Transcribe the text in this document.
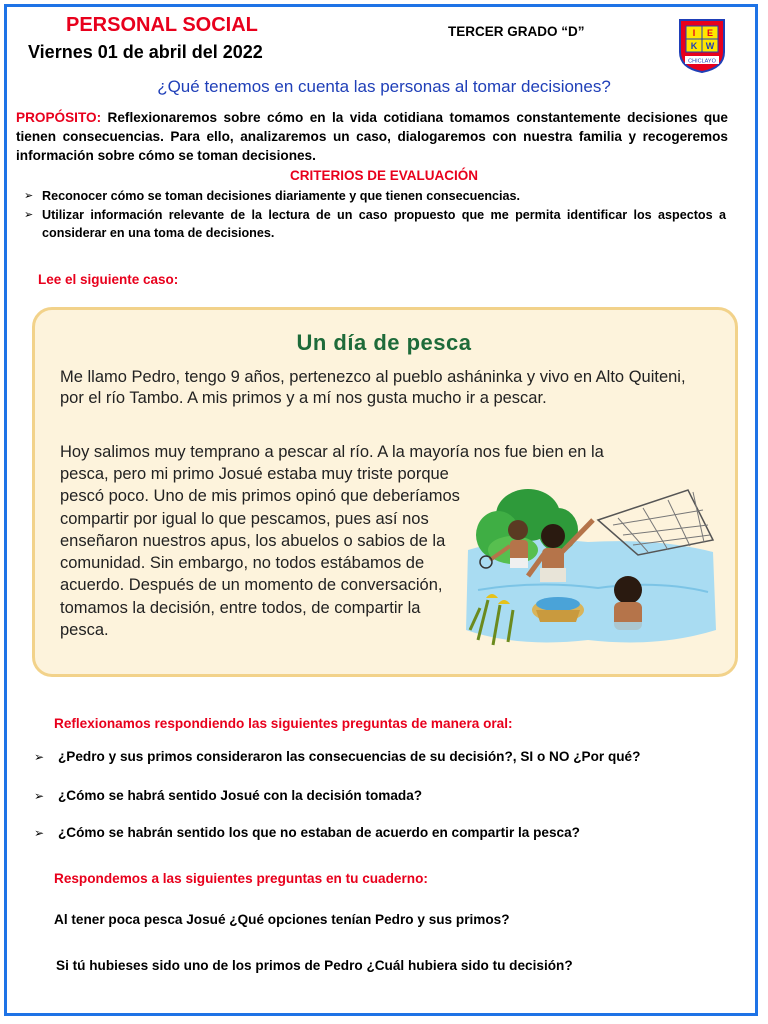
PERSONAL SOCIAL
Viernes 01 de abril del 2022
TERCER GRADO “D”	I E
K W
CHICLAYO
¿Qué tenemos en cuenta las personas al tomar decisiones?
PROPÓSITO: Reflexionaremos sobre cómo en la vida cotidiana tomamos constantemente decisiones que tienen consecuencias. Para ello, analizaremos un caso, dialogaremos con nuestra familia y recogeremos información sobre cómo se toman decisiones.
CRITERIOS DE EVALUACIÓN
➢ Reconocer cómo se toman decisiones diariamente y que tienen consecuencias.
➢ Utilizar información relevante de la lectura de un caso propuesto que me permita identificar los aspectos a considerar en una toma de decisiones.
Lee el siguiente caso:
Un día de pesca
Me llamo Pedro, tengo 9 años, pertenezco al pueblo asháninka y vivo en Alto Quiteni, por el río Tambo. A mis primos y a mí nos gusta mucho ir a pescar.
Hoy salimos muy temprano a pescar al río. A la mayoría nos fue bien en la
pesca, pero mi primo Josué estaba muy triste porque pescó poco. Uno de mis primos opinó que deberíamos compartir por igual lo que pescamos, pues así nos enseñaron nuestros apus, los abuelos o sabios de la comunidad. Sin embargo, no todos estábamos de acuerdo. Después de un momento de conversación, tomamos la decisión, entre todos, de compartir la pesca.
Reflexionamos respondiendo las siguientes preguntas de manera oral:
➢ ¿Pedro y sus primos consideraron las consecuencias de su decisión?, SI o NO ¿Por qué?
➢ ¿Cómo se habrá sentido Josué con la decisión tomada?
➢ ¿Cómo se habrán sentido los que no estaban de acuerdo en compartir la pesca?
Respondemos a las siguientes preguntas en tu cuaderno:
Al tener poca pesca Josué ¿Qué opciones tenían Pedro y sus primos?
Si tú hubieses sido uno de los primos de Pedro ¿Cuál hubiera sido tu decisión?
